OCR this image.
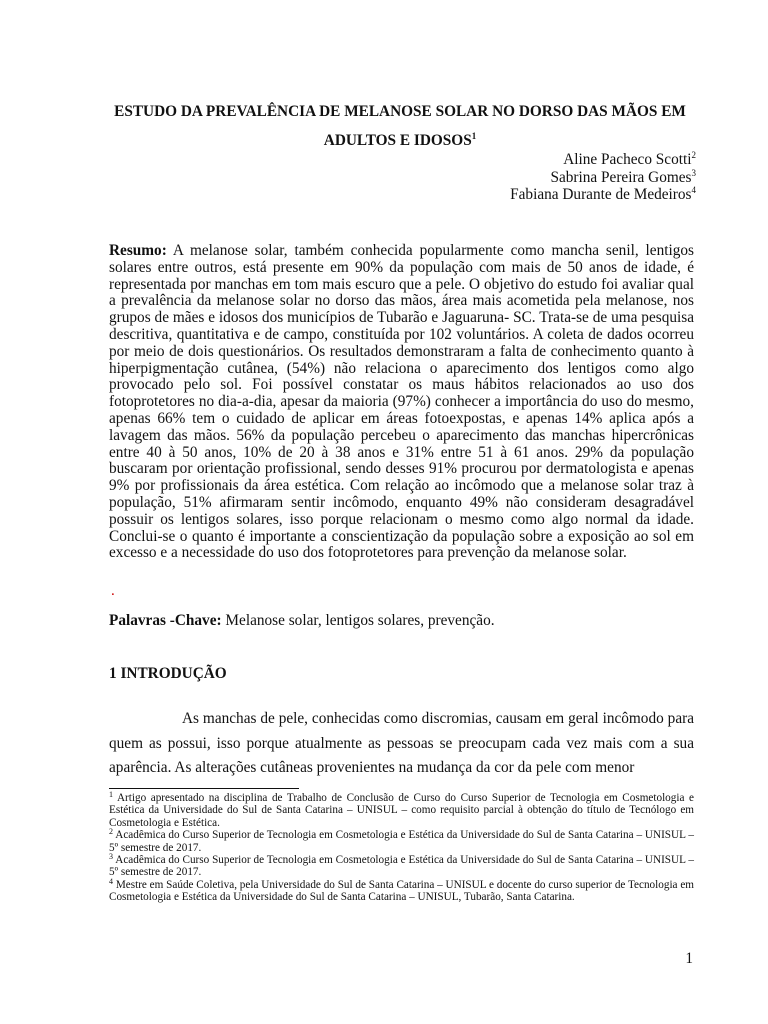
ESTUDO DA PREVALÊNCIA DE MELANOSE SOLAR NO DORSO DAS MÃOS EM
ADULTOS E IDOSOS$^1$
Aline Pacheco Scotti$^2$
Sabrina Pereira Gomes$^3$
Fabiana Durante de Medeiros$^4$
Resumo: A melanose solar, também conhecida popularmente como mancha senil, lentigos solares entre outros, está presente em 90% da população com mais de 50 anos de idade, é representada por manchas em tom mais escuro que a pele. O objetivo do estudo foi avaliar qual a prevalência da melanose solar no dorso das mãos, área mais acometida pela melanose, nos grupos de mães e idosos dos municípios de Tubarão e Jaguaruna- SC. Trata-se de uma pesquisa descritiva, quantitativa e de campo, constituída por 102 voluntários. A coleta de dados ocorreu por meio de dois questionários. Os resultados demonstraram a falta de conhecimento quanto à hiperpigmentação cutânea, (54%) não relaciona o aparecimento dos lentigos como algo provocado pelo sol. Foi possível constatar os maus hábitos relacionados ao uso dos fotoprotetores no dia-a-dia, apesar da maioria (97%) conhecer a importância do uso do mesmo, apenas 66% tem o cuidado de aplicar em áreas fotoexpostas, e apenas 14% aplica após a lavagem das mãos. 56% da população percebeu o aparecimento das manchas hipercrônicas entre 40 à 50 anos, 10% de 20 à 38 anos e 31% entre 51 à 61 anos. 29% da população buscaram por orientação profissional, sendo desses 91% procurou por dermatologista e apenas 9% por profissionais da área estética. Com relação ao incômodo que a melanose solar traz à população, 51% afirmaram sentir incômodo, enquanto 49% não consideram desagradável possuir os lentigos solares, isso porque relacionam o mesmo como algo normal da idade. Conclui-se o quanto é importante a conscientização da população sobre a exposição ao sol em excesso e a necessidade do uso dos fotoprotetores para prevenção da melanose solar.
.
Palavras -Chave: Melanose solar, lentigos solares, prevenção.
1 INTRODUÇÃO
As manchas de pele, conhecidas como discromias, causam em geral incômodo para quem as possui, isso porque atualmente as pessoas se preocupam cada vez mais com a sua aparência. As alterações cutâneas provenientes na mudança da cor da pele com menor

$^1$ Artigo apresentado na disciplina de Trabalho de Conclusão de Curso do Curso Superior de Tecnologia em Cosmetologia e Estética da Universidade do Sul de Santa Catarina – UNISUL – como requisito parcial à obtenção do título de Tecnólogo em Cosmetologia e Estética.

$^2$ Acadêmica do Curso Superior de Tecnologia em Cosmetologia e Estética da Universidade do Sul de Santa Catarina – UNISUL – 5º semestre de 2017.

$^3$ Acadêmica do Curso Superior de Tecnologia em Cosmetologia e Estética da Universidade do Sul de Santa Catarina – UNISUL – 5º semestre de 2017.

$^4$ Mestre em Saúde Coletiva, pela Universidade do Sul de Santa Catarina – UNISUL e docente do curso superior de Tecnologia em Cosmetologia e Estética da Universidade do Sul de Santa Catarina – UNISUL, Tubarão, Santa Catarina.

1
